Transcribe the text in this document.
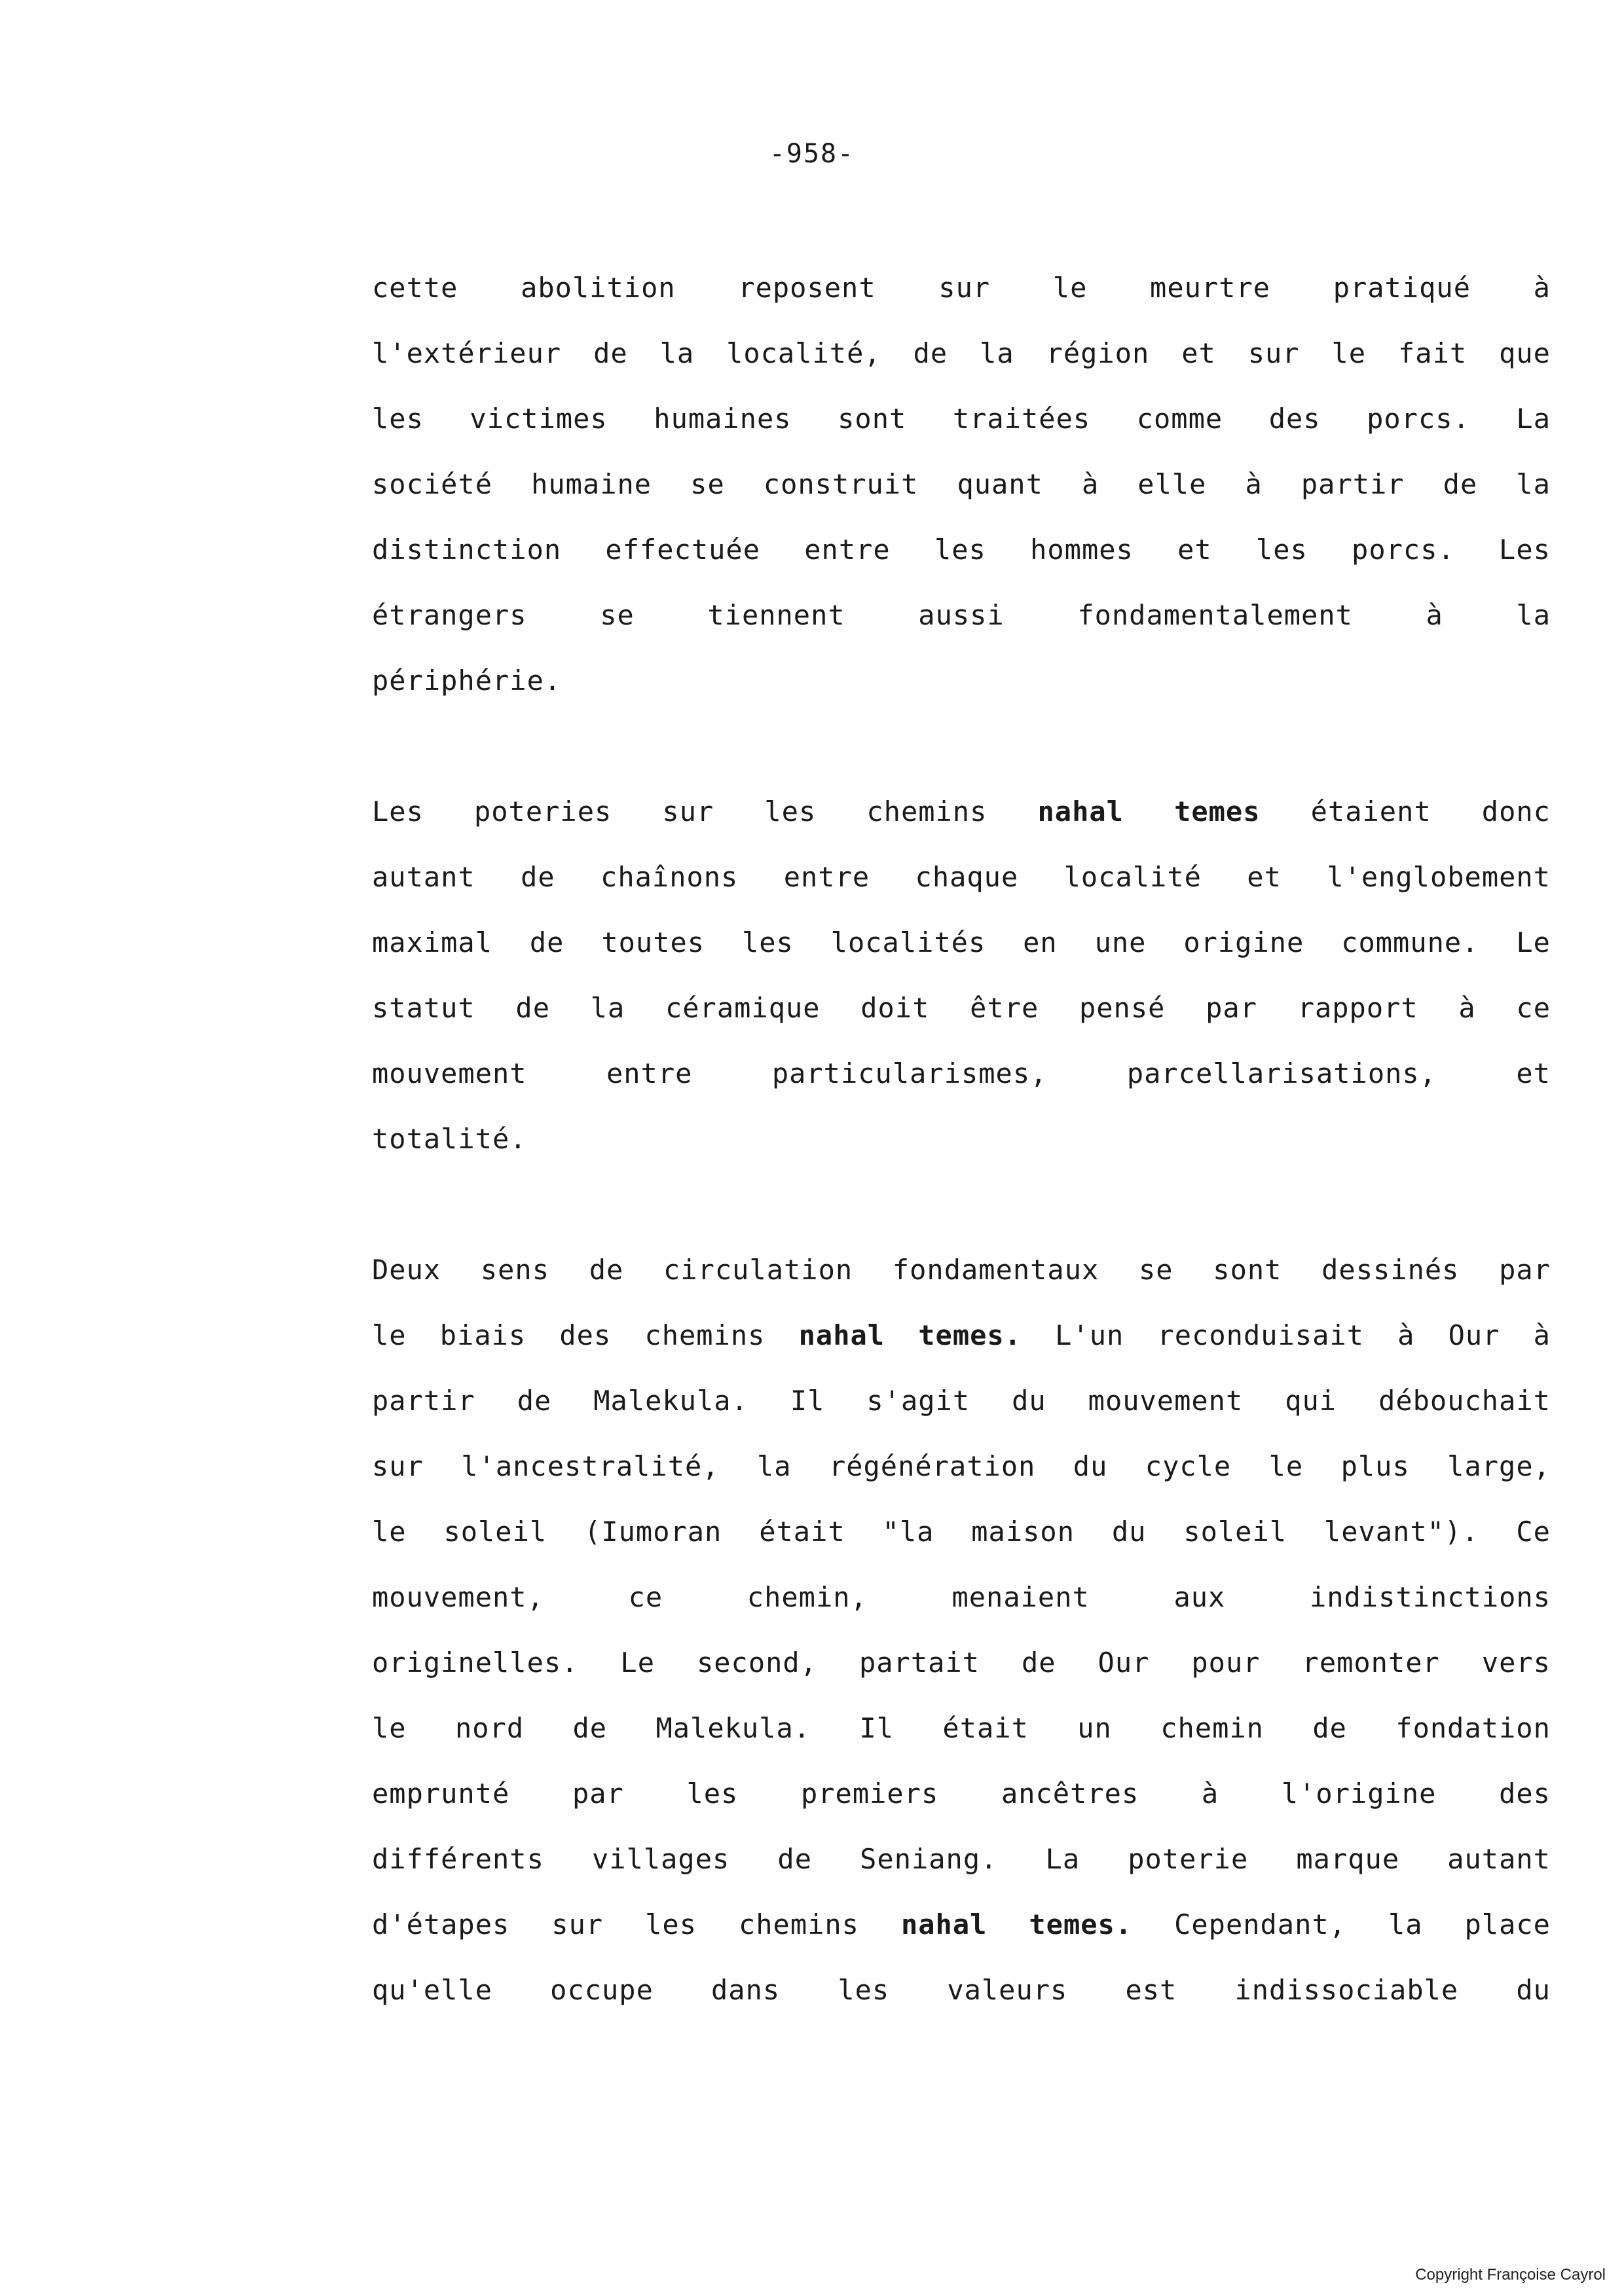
-958-
cette abolition reposent sur le meurtre pratiqué à
l'extérieur de la localité, de la région et sur le fait que
les victimes humaines sont traitées comme des porcs. La
société humaine se construit quant à elle à partir de la
distinction effectuée entre les hommes et les porcs. Les
étrangers	se	tiennent	aussi	fondamentalement	à	la
périphérie.
Les poteries sur les chemins nahal temes étaient donc
autant de chaînons entre chaque localité et l'englobement
maximal de toutes les localités en une origine commune. Le
statut de la céramique doit être pensé par rapport à ce
mouvement	entre	particularismes,	parcellarisations,	et
totalité.
Deux sens de circulation fondamentaux se sont dessinés par
le biais des chemins nahal temes. L'un reconduisait à Our à
partir de Malekula. Il s'agit du mouvement qui débouchait
sur l'ancestralité, la régénération du cycle le plus large,
le soleil (Iumoran était "la maison du soleil levant"). Ce
mouvement,	ce	chemin,	menaient	aux	indistinctions
originelles. Le second, partait de Our pour remonter vers
le nord de Malekula. Il était un chemin de fondation
emprunté par les premiers ancêtres à l'origine des
différents villages de Seniang. La poterie marque autant
d'étapes sur les chemins nahal temes. Cependant, la place
qu'elle occupe dans les valeurs est indissociable du
Copyright Françoise Cayrol
